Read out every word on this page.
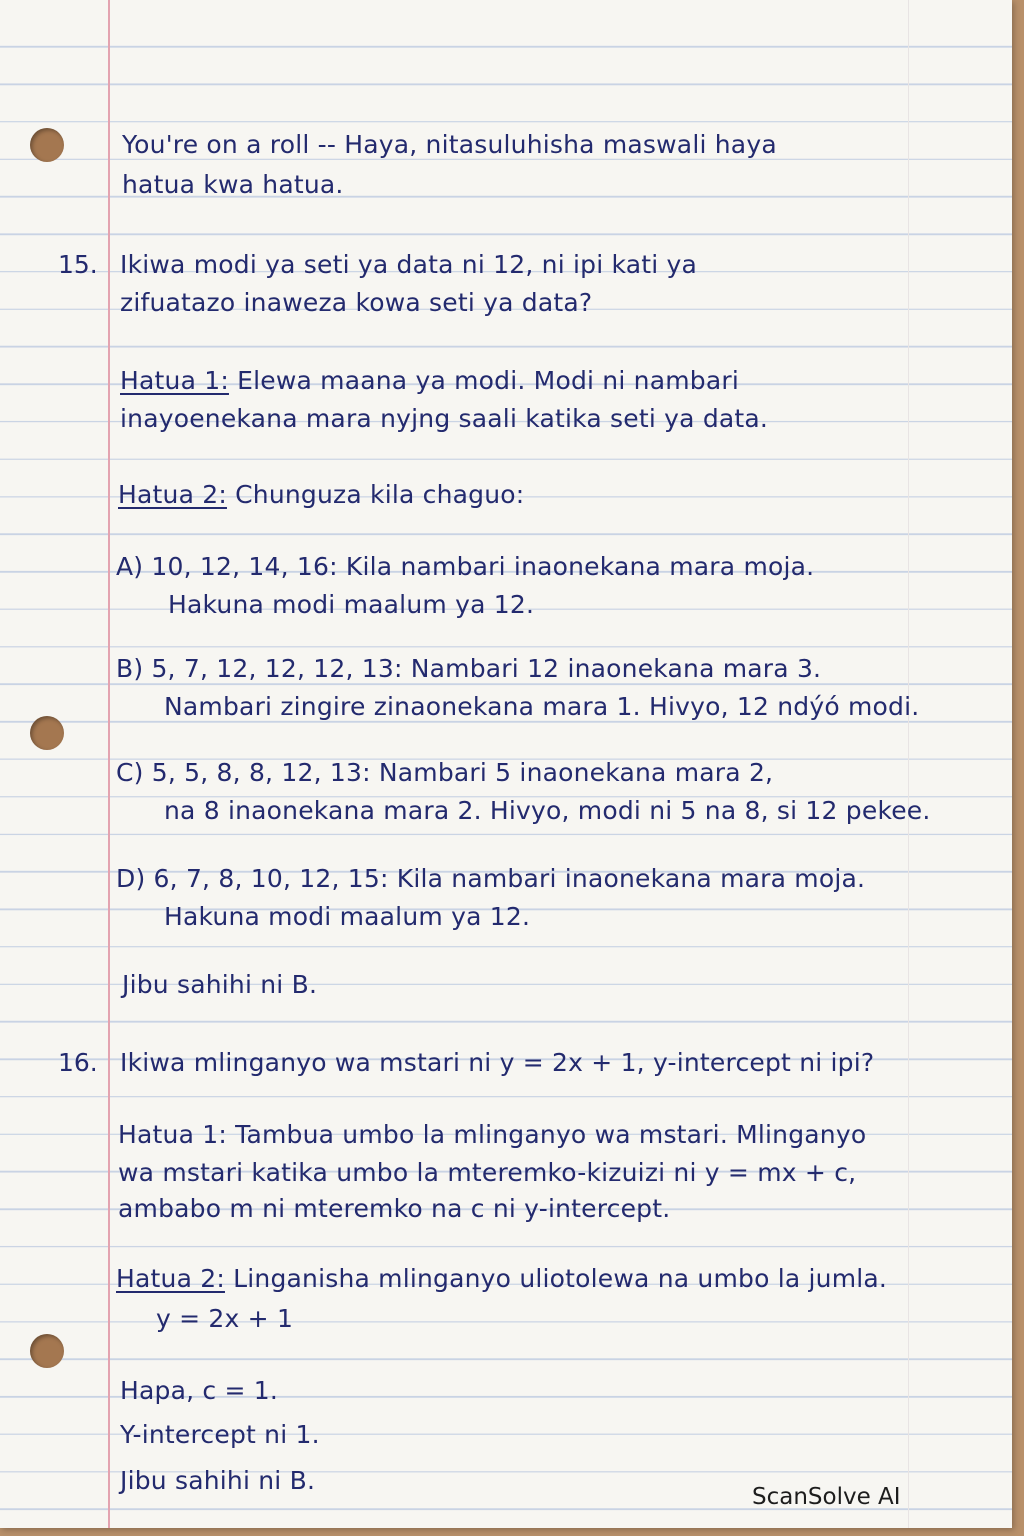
You're on a roll -- Haya, nitasuluhisha maswali haya

hatua kwa hatua.

15. Ikiwa modi ya seti ya data ni 12, ni ipi kati ya

zifuatazo inaweza kowa seti ya data?

Hatua 1: Elewa maana ya modi. Modi ni nambari

inayoenekana mara nyjng saali katika seti ya data.

Hatua 2: Chunguza kila chaguo:

A) 10, 12, 14, 16: Kila nambari inaonekana mara moja.

Hakuna modi maalum ya 12.

B) 5, 7, 12, 12, 12, 13: Nambari 12 inaonekana mara 3.

Nambari zingire zinaonekana mara 1. Hivyo, 12 ndýó modi.

C) 5, 5, 8, 8, 12, 13: Nambari 5 inaonekana mara 2,

na 8 inaonekana mara 2. Hivyo, modi ni 5 na 8, si 12 pekee.

D) 6, 7, 8, 10, 12, 15: Kila nambari inaonekana mara moja.

Hakuna modi maalum ya 12.

Jibu sahihi ni B.

16. Ikiwa mlinganyo wa mstari ni y = 2x + 1, y-intercept ni ipi?

Hatua 1: Tambua umbo la mlinganyo wa mstari. Mlinganyo

wa mstari katika umbo la mteremko-kizuizi ni y = mx + c,

ambabo m ni mteremko na c ni y-intercept.

Hatua 2: Linganisha mlinganyo uliotolewa na umbo la jumla.

y = 2x + 1

Hapa, c = 1.

Y-intercept ni 1.

Jibu sahihi ni B.

ScanSolve AI
